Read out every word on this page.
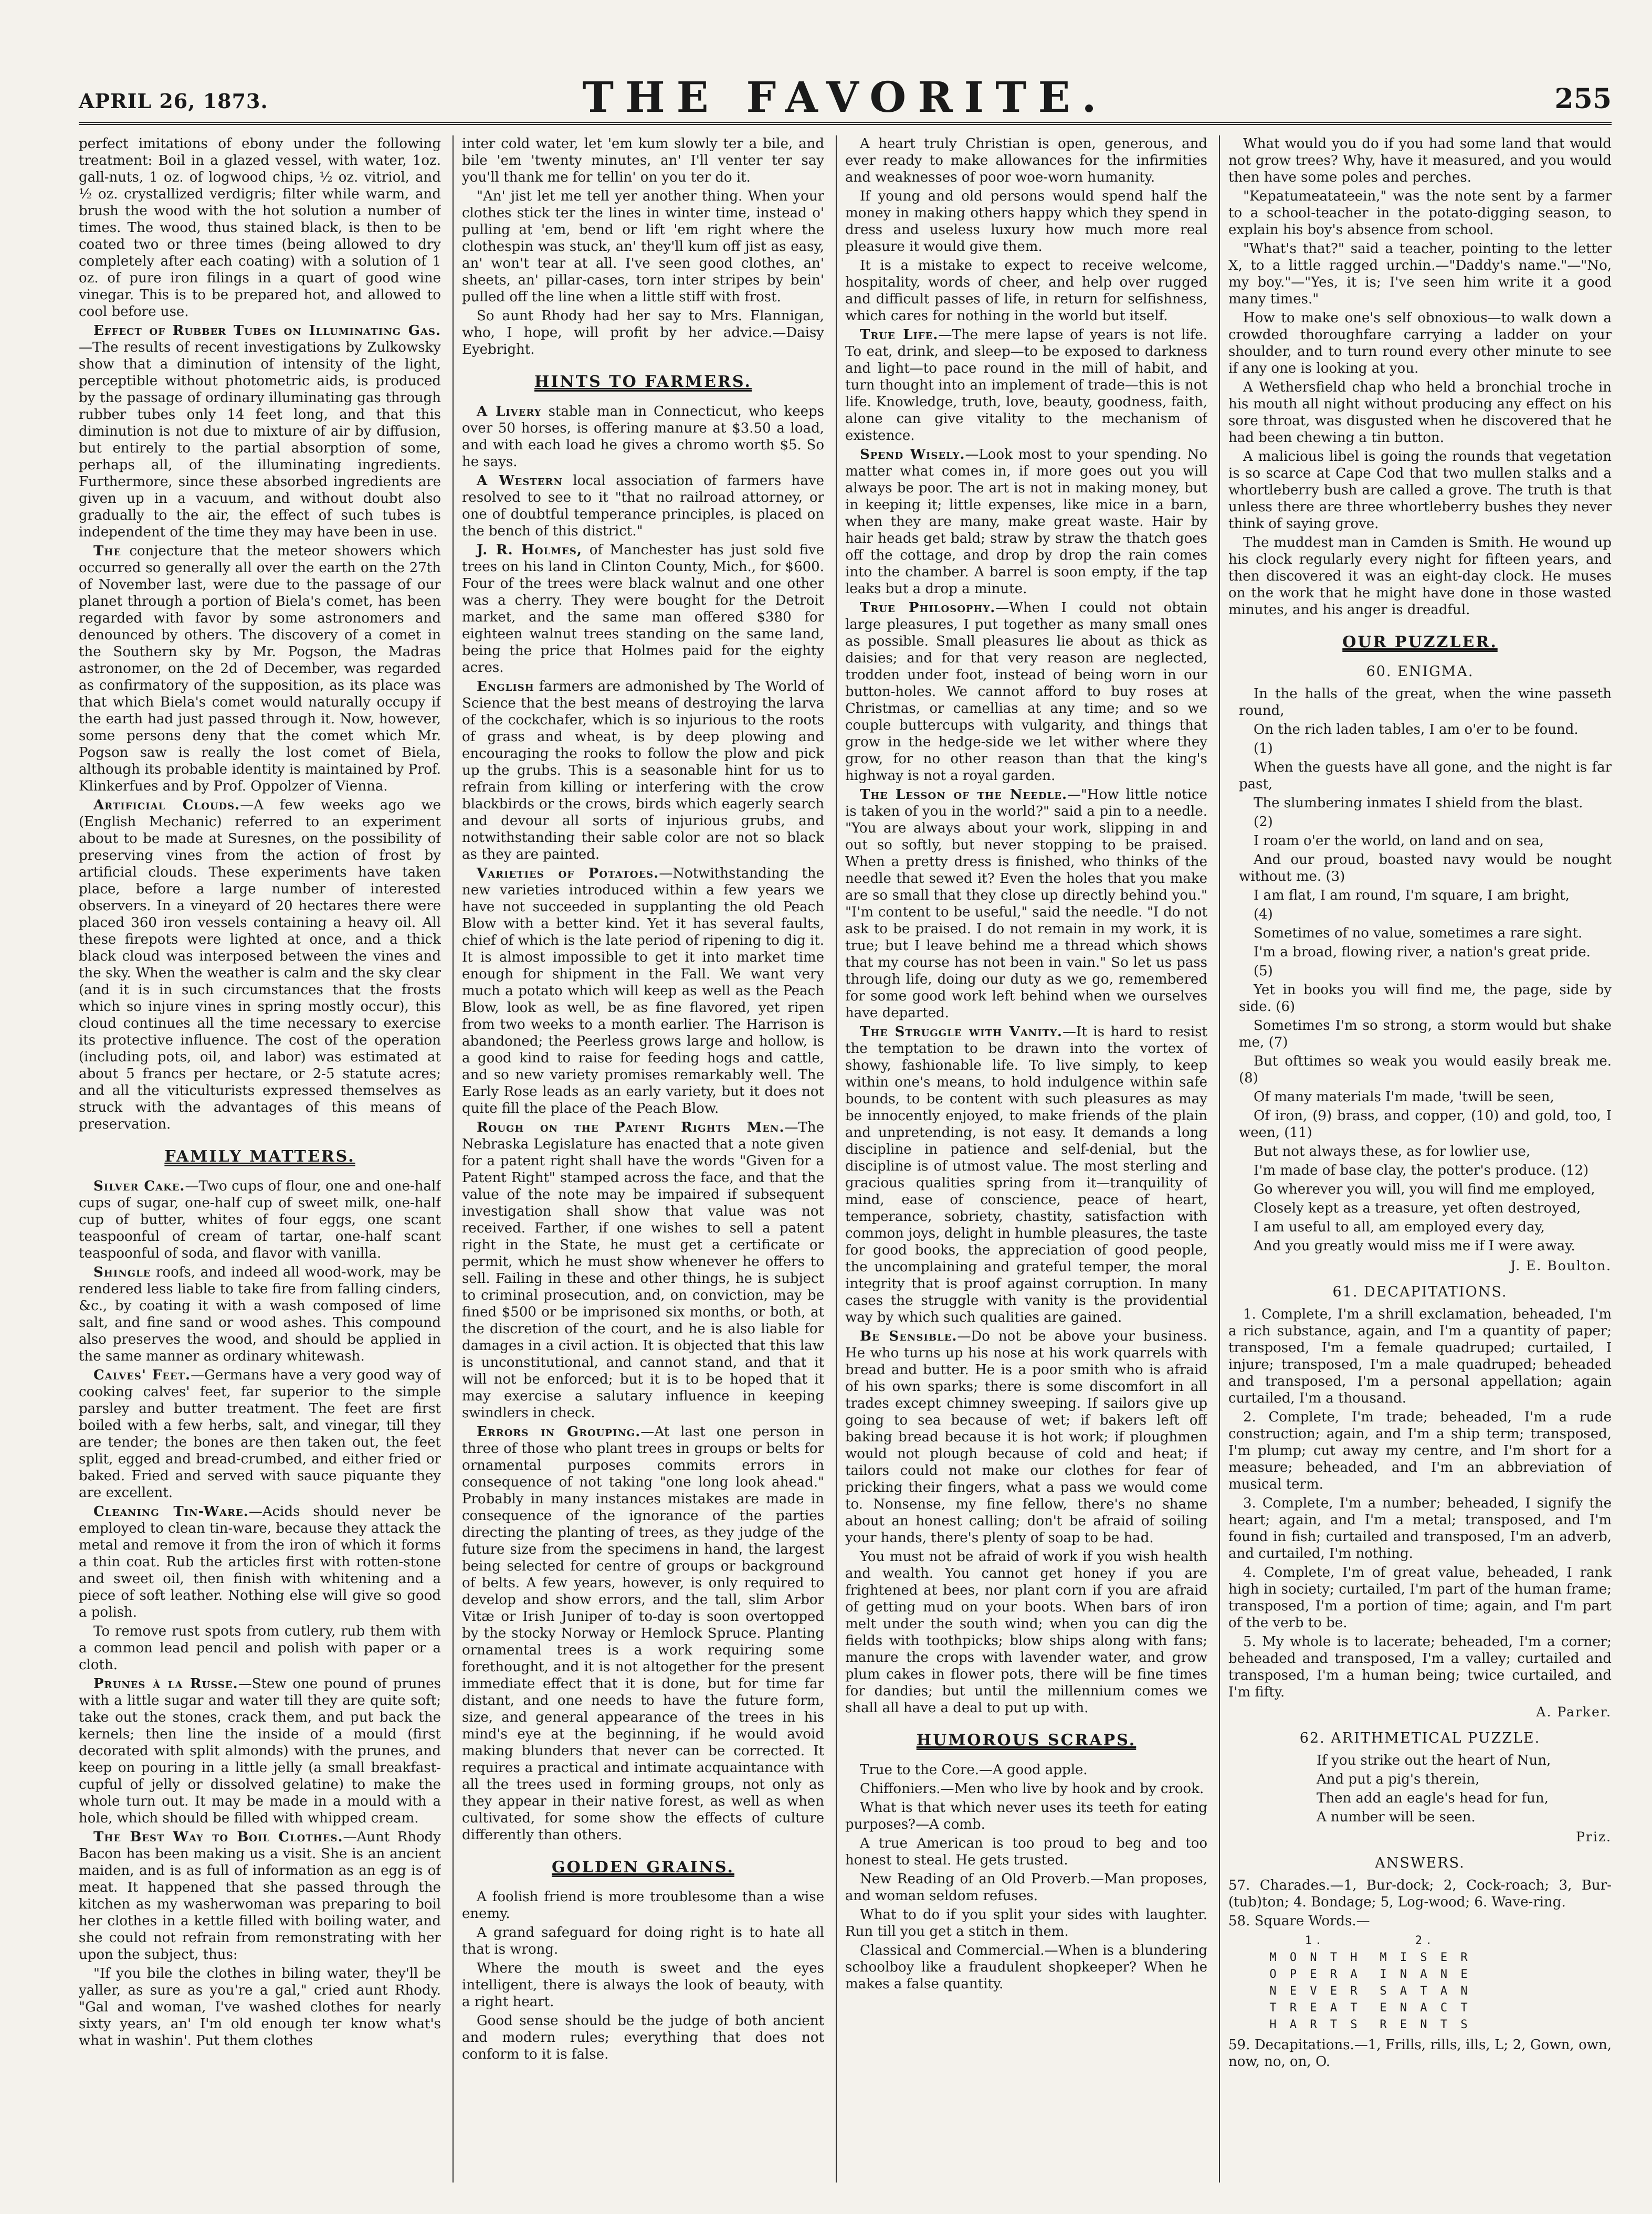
APRIL 26, 1873.	THE FAVORITE.	255

perfect imitations of ebony under the following treatment: Boil in a glazed vessel, with water, 1oz. gall-nuts, 1 oz. of logwood chips, ½ oz. vitriol, and ½ oz. crystallized verdigris; filter while warm, and brush the wood with the hot solution a number of times. The wood, thus stained black, is then to be coated two or three times (being allowed to dry completely after each coating) with a solution of 1 oz. of pure iron filings in a quart of good wine vinegar. This is to be prepared hot, and allowed to cool before use.

Effect of Rubber Tubes on Illuminating Gas.—The results of recent investigations by Zulkowsky show that a diminution of intensity of the light, perceptible without photometric aids, is produced by the passage of ordinary illuminating gas through rubber tubes only 14 feet long, and that this diminution is not due to mixture of air by diffusion, but entirely to the partial absorption of some, perhaps all, of the illuminating ingredients. Furthermore, since these absorbed ingredients are given up in a vacuum, and without doubt also gradually to the air, the effect of such tubes is independent of the time they may have been in use.

The conjecture that the meteor showers which occurred so generally all over the earth on the 27th of November last, were due to the passage of our planet through a portion of Biela's comet, has been regarded with favor by some astronomers and denounced by others. The discovery of a comet in the Southern sky by Mr. Pogson, the Madras astronomer, on the 2d of December, was regarded as confirmatory of the supposition, as its place was that which Biela's comet would naturally occupy if the earth had just passed through it. Now, however, some persons deny that the comet which Mr. Pogson saw is really the lost comet of Biela, although its probable identity is maintained by Prof. Klinkerfues and by Prof. Oppolzer of Vienna.

Artificial Clouds.—A few weeks ago we (English Mechanic) referred to an experiment about to be made at Suresnes, on the possibility of preserving vines from the action of frost by artificial clouds. These experiments have taken place, before a large number of interested observers. In a vineyard of 20 hectares there were placed 360 iron vessels containing a heavy oil. All these firepots were lighted at once, and a thick black cloud was interposed between the vines and the sky. When the weather is calm and the sky clear (and it is in such circumstances that the frosts which so injure vines in spring mostly occur), this cloud continues all the time necessary to exercise its protective influence. The cost of the operation (including pots, oil, and labor) was estimated at about 5 francs per hectare, or 2-5 statute acres; and all the viticulturists expressed themselves as struck with the advantages of this means of preservation.

FAMILY MATTERS.

Silver Cake.—Two cups of flour, one and one-half cups of sugar, one-half cup of sweet milk, one-half cup of butter, whites of four eggs, one scant teaspoonful of cream of tartar, one-half scant teaspoonful of soda, and flavor with vanilla.

Shingle roofs, and indeed all wood-work, may be rendered less liable to take fire from falling cinders, &c., by coating it with a wash composed of lime salt, and fine sand or wood ashes. This compound also preserves the wood, and should be applied in the same manner as ordinary whitewash.

Calves' Feet.—Germans have a very good way of cooking calves' feet, far superior to the simple parsley and butter treatment. The feet are first boiled with a few herbs, salt, and vinegar, till they are tender; the bones are then taken out, the feet split, egged and bread-crumbed, and either fried or baked. Fried and served with sauce piquante they are excellent.

Cleaning Tin-Ware.—Acids should never be employed to clean tin-ware, because they attack the metal and remove it from the iron of which it forms a thin coat. Rub the articles first with rotten-stone and sweet oil, then finish with whitening and a piece of soft leather. Nothing else will give so good a polish.

To remove rust spots from cutlery, rub them with a common lead pencil and polish with paper or a cloth.

Prunes à la Russe.—Stew one pound of prunes with a little sugar and water till they are quite soft; take out the stones, crack them, and put back the kernels; then line the inside of a mould (first decorated with split almonds) with the prunes, and keep on pouring in a little jelly (a small breakfast-cupful of jelly or dissolved gelatine) to make the whole turn out. It may be made in a mould with a hole, which should be filled with whipped cream.

The Best Way to Boil Clothes.—Aunt Rhody Bacon has been making us a visit. She is an ancient maiden, and is as full of information as an egg is of meat. It happened that she passed through the kitchen as my washerwoman was preparing to boil her clothes in a kettle filled with boiling water, and she could not refrain from remonstrating with her upon the subject, thus:

"If you bile the clothes in biling water, they'll be yaller, as sure as you're a gal," cried aunt Rhody. "Gal and woman, I've washed clothes for nearly sixty years, an' I'm old enough ter know what's what in washin'. Put them clothes

inter cold water, let 'em kum slowly ter a bile, and bile 'em 'twenty minutes, an' I'll venter ter say you'll thank me for tellin' on you ter do it.

"An' jist let me tell yer another thing. When your clothes stick ter the lines in winter time, instead o' pulling at 'em, bend or lift 'em right where the clothespin was stuck, an' they'll kum off jist as easy, an' won't tear at all. I've seen good clothes, an' sheets, an' pillar-cases, torn inter stripes by bein' pulled off the line when a little stiff with frost.

So aunt Rhody had her say to Mrs. Flannigan, who, I hope, will profit by her advice.—Daisy Eyebright.

HINTS TO FARMERS.

A Livery stable man in Connecticut, who keeps over 50 horses, is offering manure at $3.50 a load, and with each load he gives a chromo worth $5. So he says.

A Western local association of farmers have resolved to see to it "that no railroad attorney, or one of doubtful temperance principles, is placed on the bench of this district."

J. R. Holmes, of Manchester has just sold five trees on his land in Clinton County, Mich., for $600. Four of the trees were black walnut and one other was a cherry. They were bought for the Detroit market, and the same man offered $380 for eighteen walnut trees standing on the same land, being the price that Holmes paid for the eighty acres.

English farmers are admonished by The World of Science that the best means of destroying the larva of the cockchafer, which is so injurious to the roots of grass and wheat, is by deep plowing and encouraging the rooks to follow the plow and pick up the grubs. This is a seasonable hint for us to refrain from killing or interfering with the crow blackbirds or the crows, birds which eagerly search and devour all sorts of injurious grubs, and notwithstanding their sable color are not so black as they are painted.

Varieties of Potatoes.—Notwithstanding the new varieties introduced within a few years we have not succeeded in supplanting the old Peach Blow with a better kind. Yet it has several faults, chief of which is the late period of ripening to dig it. It is almost impossible to get it into market time enough for shipment in the Fall. We want very much a potato which will keep as well as the Peach Blow, look as well, be as fine flavored, yet ripen from two weeks to a month earlier. The Harrison is abandoned; the Peerless grows large and hollow, is a good kind to raise for feeding hogs and cattle, and so new variety promises remarkably well. The Early Rose leads as an early variety, but it does not quite fill the place of the Peach Blow.

Rough on the Patent Rights Men.—The Nebraska Legislature has enacted that a note given for a patent right shall have the words "Given for a Patent Right" stamped across the face, and that the value of the note may be impaired if subsequent investigation shall show that value was not received. Farther, if one wishes to sell a patent right in the State, he must get a certificate or permit, which he must show whenever he offers to sell. Failing in these and other things, he is subject to criminal prosecution, and, on conviction, may be fined $500 or be imprisoned six months, or both, at the discretion of the court, and he is also liable for damages in a civil action. It is objected that this law is unconstitutional, and cannot stand, and that it will not be enforced; but it is to be hoped that it may exercise a salutary influence in keeping swindlers in check.

Errors in Grouping.—At last one person in three of those who plant trees in groups or belts for ornamental purposes commits errors in consequence of not taking "one long look ahead." Probably in many instances mistakes are made in consequence of the ignorance of the parties directing the planting of trees, as they judge of the future size from the specimens in hand, the largest being selected for centre of groups or background of belts. A few years, however, is only required to develop and show errors, and the tall, slim Arbor Vitæ or Irish Juniper of to-day is soon overtopped by the stocky Norway or Hemlock Spruce. Planting ornamental trees is a work requiring some forethought, and it is not altogether for the present immediate effect that it is done, but for time far distant, and one needs to have the future form, size, and general appearance of the trees in his mind's eye at the beginning, if he would avoid making blunders that never can be corrected. It requires a practical and intimate acquaintance with all the trees used in forming groups, not only as they appear in their native forest, as well as when cultivated, for some show the effects of culture differently than others.

GOLDEN GRAINS.

A foolish friend is more troublesome than a wise enemy.

A grand safeguard for doing right is to hate all that is wrong.

Where the mouth is sweet and the eyes intelligent, there is always the look of beauty, with a right heart.

Good sense should be the judge of both ancient and modern rules; everything that does not conform to it is false.

A heart truly Christian is open, generous, and ever ready to make allowances for the infirmities and weaknesses of poor woe-worn humanity.

If young and old persons would spend half the money in making others happy which they spend in dress and useless luxury how much more real pleasure it would give them.

It is a mistake to expect to receive welcome, hospitality, words of cheer, and help over rugged and difficult passes of life, in return for selfishness, which cares for nothing in the world but itself.

True Life.—The mere lapse of years is not life. To eat, drink, and sleep—to be exposed to darkness and light—to pace round in the mill of habit, and turn thought into an implement of trade—this is not life. Knowledge, truth, love, beauty, goodness, faith, alone can give vitality to the mechanism of existence.

Spend Wisely.—Look most to your spending. No matter what comes in, if more goes out you will always be poor. The art is not in making money, but in keeping it; little expenses, like mice in a barn, when they are many, make great waste. Hair by hair heads get bald; straw by straw the thatch goes off the cottage, and drop by drop the rain comes into the chamber. A barrel is soon empty, if the tap leaks but a drop a minute.

True Philosophy.—When I could not obtain large pleasures, I put together as many small ones as possible. Small pleasures lie about as thick as daisies; and for that very reason are neglected, trodden under foot, instead of being worn in our button-holes. We cannot afford to buy roses at Christmas, or camellias at any time; and so we couple buttercups with vulgarity, and things that grow in the hedge-side we let wither where they grow, for no other reason than that the king's highway is not a royal garden.

The Lesson of the Needle.—"How little notice is taken of you in the world?" said a pin to a needle. "You are always about your work, slipping in and out so softly, but never stopping to be praised. When a pretty dress is finished, who thinks of the needle that sewed it? Even the holes that you make are so small that they close up directly behind you." "I'm content to be useful," said the needle. "I do not ask to be praised. I do not remain in my work, it is true; but I leave behind me a thread which shows that my course has not been in vain." So let us pass through life, doing our duty as we go, remembered for some good work left behind when we ourselves have departed.

The Struggle with Vanity.—It is hard to resist the temptation to be drawn into the vortex of showy, fashionable life. To live simply, to keep within one's means, to hold indulgence within safe bounds, to be content with such pleasures as may be innocently enjoyed, to make friends of the plain and unpretending, is not easy. It demands a long discipline in patience and self-denial, but the discipline is of utmost value. The most sterling and gracious qualities spring from it—tranquility of mind, ease of conscience, peace of heart, temperance, sobriety, chastity, satisfaction with common joys, delight in humble pleasures, the taste for good books, the appreciation of good people, the uncomplaining and grateful temper, the moral integrity that is proof against corruption. In many cases the struggle with vanity is the providential way by which such qualities are gained.

Be Sensible.—Do not be above your business. He who turns up his nose at his work quarrels with bread and butter. He is a poor smith who is afraid of his own sparks; there is some discomfort in all trades except chimney sweeping. If sailors give up going to sea because of wet; if bakers left off baking bread because it is hot work; if ploughmen would not plough because of cold and heat; if tailors could not make our clothes for fear of pricking their fingers, what a pass we would come to. Nonsense, my fine fellow, there's no shame about an honest calling; don't be afraid of soiling your hands, there's plenty of soap to be had.

You must not be afraid of work if you wish health and wealth. You cannot get honey if you are frightened at bees, nor plant corn if you are afraid of getting mud on your boots. When bars of iron melt under the south wind; when you can dig the fields with toothpicks; blow ships along with fans; manure the crops with lavender water, and grow plum cakes in flower pots, there will be fine times for dandies; but until the millennium comes we shall all have a deal to put up with.

HUMOROUS SCRAPS.

True to the Core.—A good apple.

Chiffoniers.—Men who live by hook and by crook.

What is that which never uses its teeth for eating purposes?—A comb.

A true American is too proud to beg and too honest to steal. He gets trusted.

New Reading of an Old Proverb.—Man proposes, and woman seldom refuses.

What to do if you split your sides with laughter. Run till you get a stitch in them.

Classical and Commercial.—When is a blundering schoolboy like a fraudulent shopkeeper? When he makes a false quantity.

What would you do if you had some land that would not grow trees? Why, have it measured, and you would then have some poles and perches.

"Kepatumeatateein," was the note sent by a farmer to a school-teacher in the potato-digging season, to explain his boy's absence from school.

"What's that?" said a teacher, pointing to the letter X, to a little ragged urchin.—"Daddy's name."—"No, my boy."—"Yes, it is; I've seen him write it a good many times."

How to make one's self obnoxious—to walk down a crowded thoroughfare carrying a ladder on your shoulder, and to turn round every other minute to see if any one is looking at you.

A Wethersfield chap who held a bronchial troche in his mouth all night without producing any effect on his sore throat, was disgusted when he discovered that he had been chewing a tin button.

A malicious libel is going the rounds that vegetation is so scarce at Cape Cod that two mullen stalks and a whortleberry bush are called a grove. The truth is that unless there are three whortleberry bushes they never think of saying grove.

The muddest man in Camden is Smith. He wound up his clock regularly every night for fifteen years, and then discovered it was an eight-day clock. He muses on the work that he might have done in those wasted minutes, and his anger is dreadful.

OUR PUZZLER.
60. ENIGMA.

In the halls of the great, when the wine passeth round,

On the rich laden tables, I am o'er to be found.

(1)

When the guests have all gone, and the night is far past,

The slumbering inmates I shield from the blast.

(2)

I roam o'er the world, on land and on sea,

And our proud, boasted navy would be nought without me. (3)

I am flat, I am round, I'm square, I am bright,

(4)

Sometimes of no value, sometimes a rare sight.

I'm a broad, flowing river, a nation's great pride.

(5)

Yet in books you will find me, the page, side by side. (6)

Sometimes I'm so strong, a storm would but shake me, (7)

But ofttimes so weak you would easily break me. (8)

Of many materials I'm made, 'twill be seen,

Of iron, (9) brass, and copper, (10) and gold, too, I ween, (11)

But not always these, as for lowlier use,

I'm made of base clay, the potter's produce. (12)

Go wherever you will, you will find me employed,

Closely kept as a treasure, yet often destroyed,

I am useful to all, am employed every day,

And you greatly would miss me if I were away.

J. E. Boulton.
61. DECAPITATIONS.

1. Complete, I'm a shrill exclamation, beheaded, I'm a rich substance, again, and I'm a quantity of paper; transposed, I'm a female quadruped; curtailed, I injure; transposed, I'm a male quadruped; beheaded and transposed, I'm a personal appellation; again curtailed, I'm a thousand.

2. Complete, I'm trade; beheaded, I'm a rude construction; again, and I'm a ship term; transposed, I'm plump; cut away my centre, and I'm short for a measure; beheaded, and I'm an abbreviation of musical term.

3. Complete, I'm a number; beheaded, I signify the heart; again, and I'm a metal; transposed, and I'm found in fish; curtailed and transposed, I'm an adverb, and curtailed, I'm nothing.

4. Complete, I'm of great value, beheaded, I rank high in society; curtailed, I'm part of the human frame; transposed, I'm a portion of time; again, and I'm part of the verb to be.

5. My whole is to lacerate; beheaded, I'm a corner; beheaded and transposed, I'm a valley; curtailed and transposed, I'm a human being; twice curtailed, and I'm fifty.

A. Parker.
62. ARITHMETICAL PUZZLE.

If you strike out the heart of Nun,

And put a pig's therein,

Then add an eagle's head for fun,

A number will be seen.

Priz.
ANSWERS.

57. Charades.—1, Bur-dock; 2, Cock-roach; 3, Bur-(tub)ton; 4. Bondage; 5, Log-wood; 6. Wave-ring.

58. Square Words.—

1.	2.
M O N T H	M I S E R
O P E R A	I N A N E
N E V E R	S A T A N
T R E A T	E N A C T
H A R T S	R E N T S

59. Decapitations.—1, Frills, rills, ills, L; 2, Gown, own, now, no, on, O.
